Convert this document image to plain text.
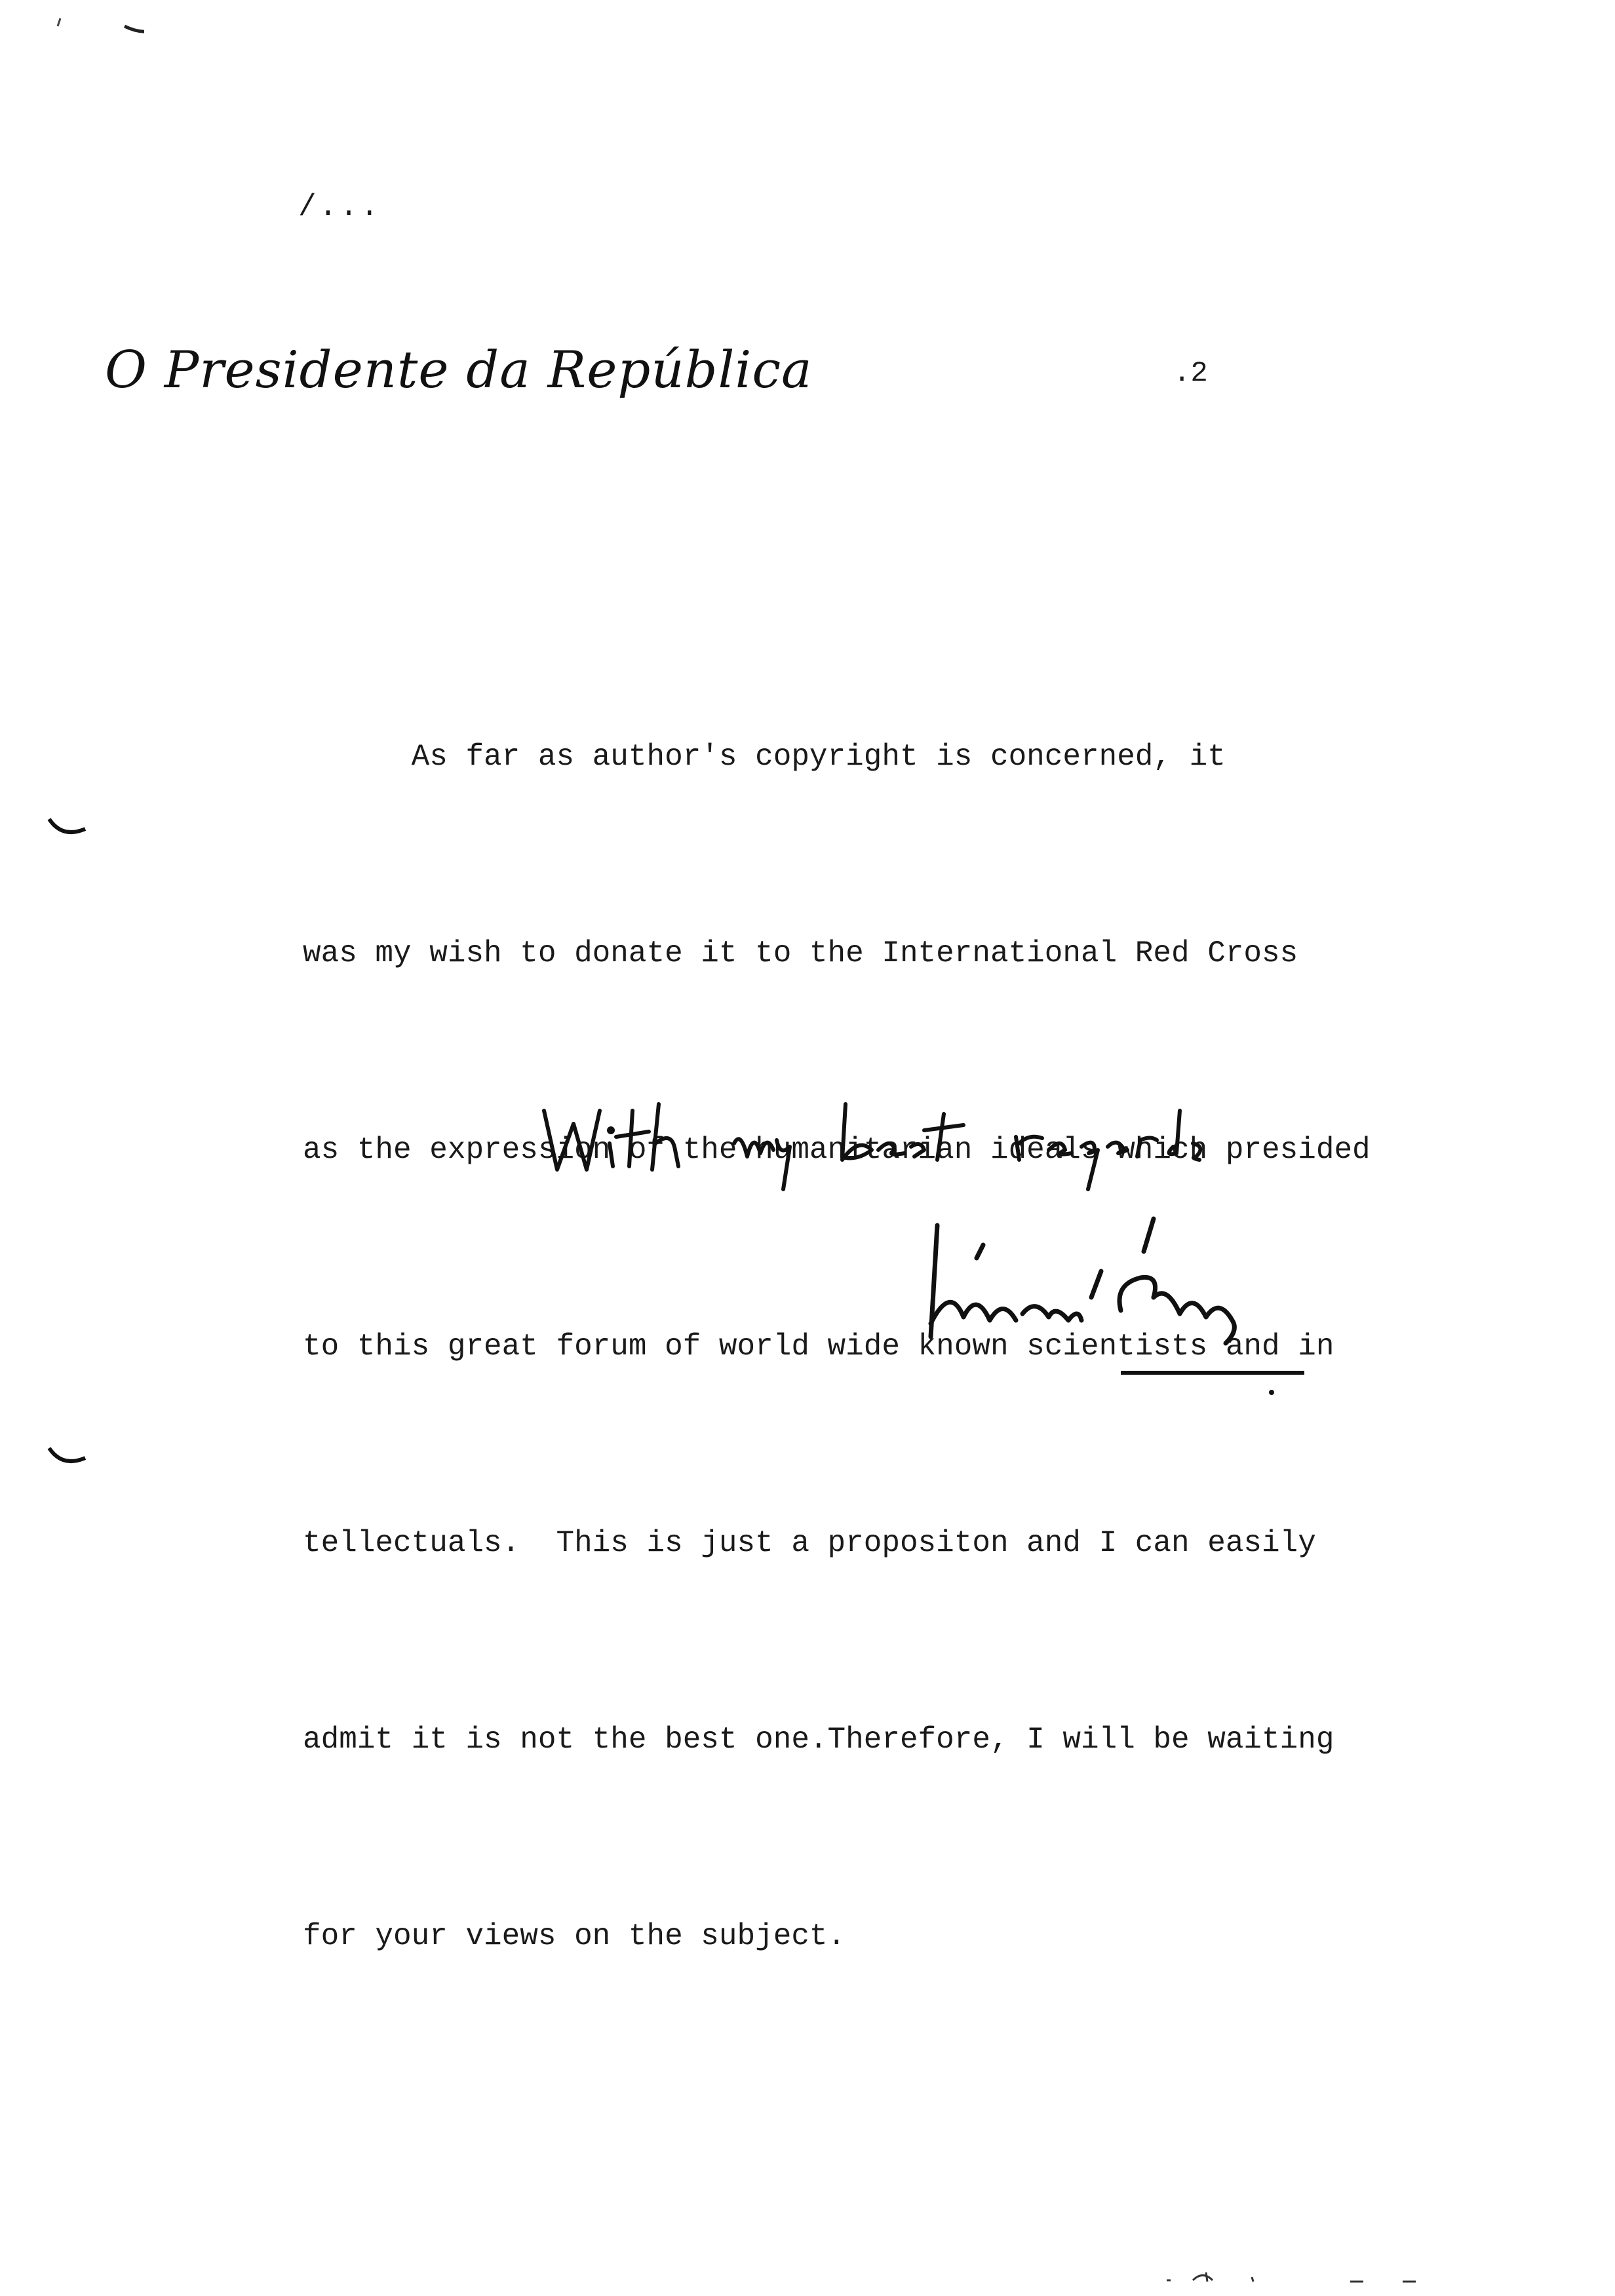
/...
O Presidente da República	.2

As far as author's copyright is concerned, it

was my wish to donate it to the International Red Cross

as the expression of the humanitarian ideals which presided

to this great forum of world wide known scientists and in

tellectuals.  This is just a propositon and I can easily

admit it is not the best one.Therefore, I will be waiting

for your views on the subject.
